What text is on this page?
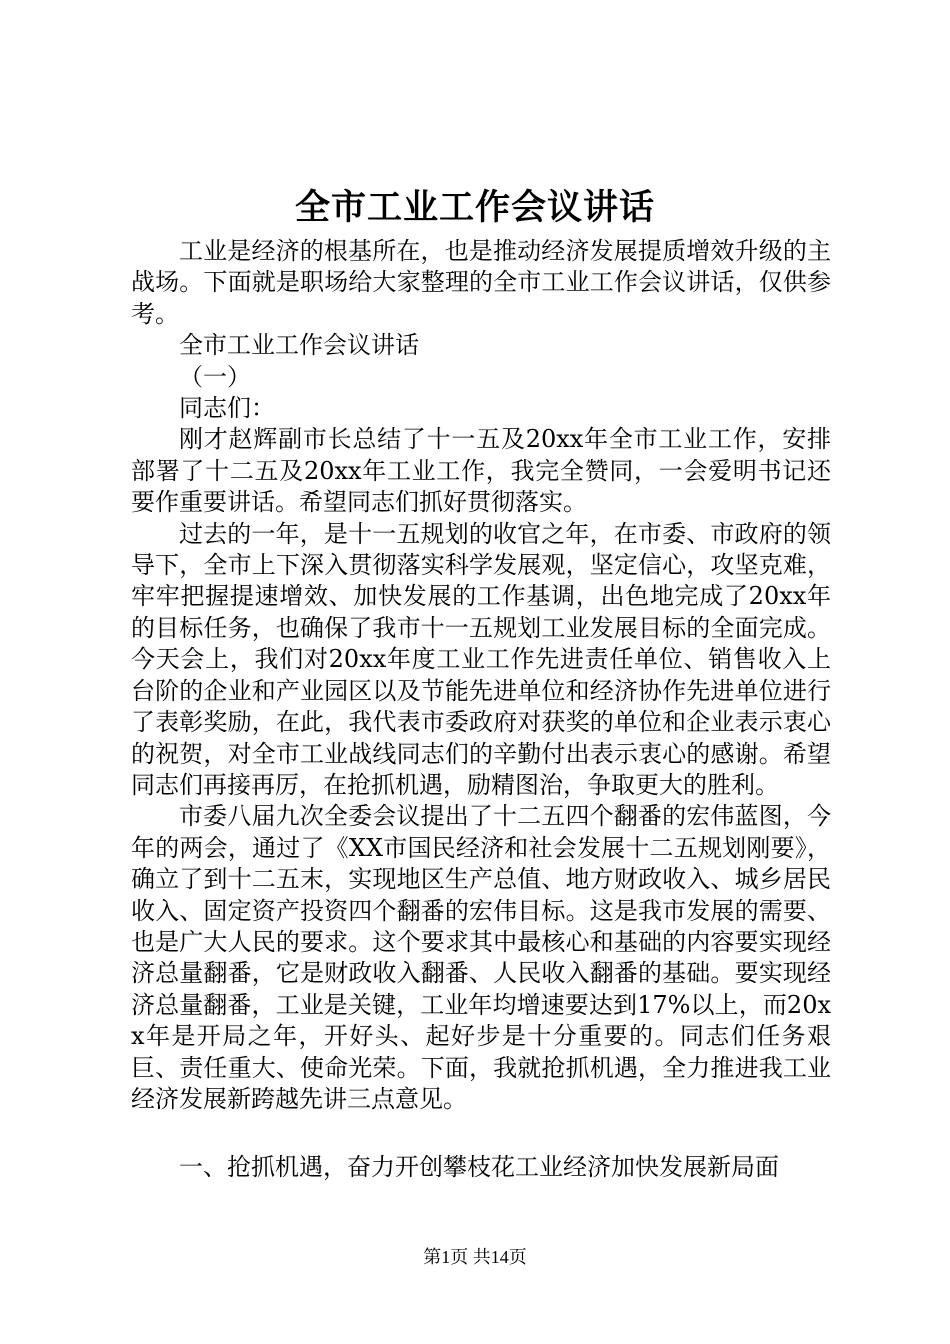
全市工业工作会议讲话

工业是经济的根基所在，也是推动经济发展提质增效升级的主战场。下面就是职场给大家整理的全市工业工作会议讲话，仅供参考。

全市工业工作会议讲话

（一）

同志们：

刚才赵辉副市长总结了十一五及20xx年全市工业工作，安排部署了十二五及20xx年工业工作，我完全赞同，一会爱明书记还要作重要讲话。希望同志们抓好贯彻落实。

过去的一年，是十一五规划的收官之年，在市委、市政府的领导下，全市上下深入贯彻落实科学发展观，坚定信心，攻坚克难，牢牢把握提速增效、加快发展的工作基调，出色地完成了20xx年的目标任务，也确保了我市十一五规划工业发展目标的全面完成。今天会上，我们对20xx年度工业工作先进责任单位、销售收入上台阶的企业和产业园区以及节能先进单位和经济协作先进单位进行了表彰奖励，在此，我代表市委政府对获奖的单位和企业表示衷心的祝贺，对全市工业战线同志们的辛勤付出表示衷心的感谢。希望同志们再接再厉，在抢抓机遇，励精图治，争取更大的胜利。

市委八届九次全委会议提出了十二五四个翻番的宏伟蓝图，今年的两会，通过了《XX市国民经济和社会发展十二五规划刚要》，确立了到十二五末，实现地区生产总值、地方财政收入、城乡居民收入、固定资产投资四个翻番的宏伟目标。这是我市发展的需要、也是广大人民的要求。这个要求其中最核心和基础的内容要实现经济总量翻番，它是财政收入翻番、人民收入翻番的基础。要实现经济总量翻番，工业是关键，工业年均增速要达到17%以上，而20xx年是开局之年，开好头、起好步是十分重要的。同志们任务艰巨、责任重大、使命光荣。下面，我就抢抓机遇，全力推进我工业经济发展新跨越先讲三点意见。

一、抢抓机遇，奋力开创攀枝花工业经济加快发展新局面

第1页 共14页
